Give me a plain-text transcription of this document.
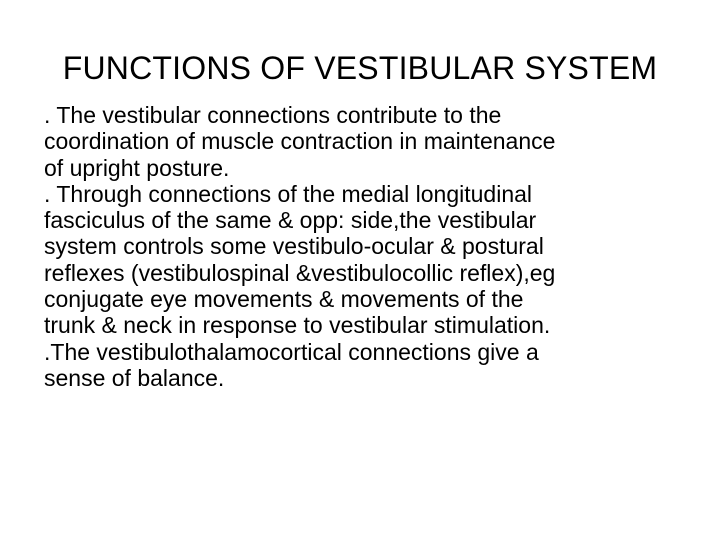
FUNCTIONS OF VESTIBULAR SYSTEM
. The vestibular connections contribute to the
coordination of muscle contraction in maintenance
of upright posture.
. Through connections of the medial longitudinal
fasciculus of the same & opp: side,the vestibular
system controls some vestibulo-ocular & postural
reflexes (vestibulospinal &vestibulocollic reflex),eg
conjugate eye movements & movements of the
trunk & neck in response to vestibular stimulation.
.The vestibulothalamocortical connections give a
sense of balance.
